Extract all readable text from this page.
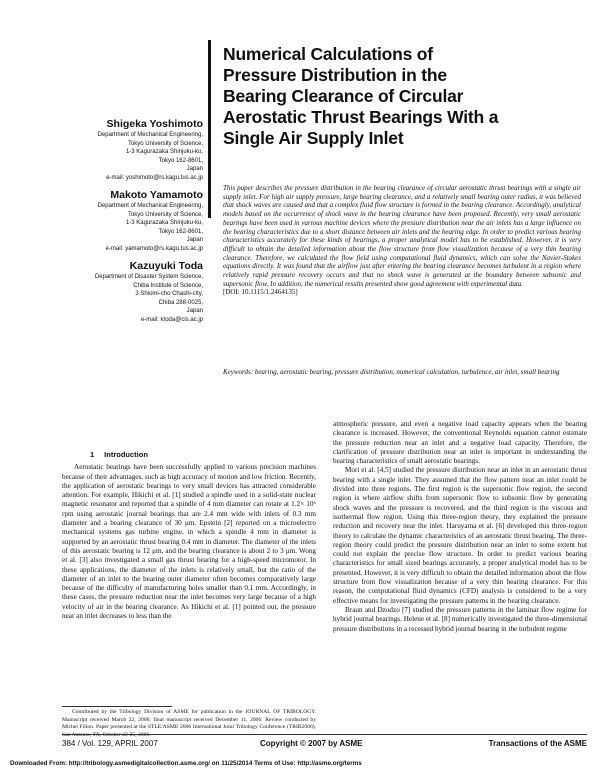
Numerical Calculations of
Pressure Distribution in the
Bearing Clearance of Circular
Aerostatic Thrust Bearings With a
Single Air Supply Inlet
Shigeka Yoshimoto
Department of Mechanical Engineering,
Tokyo University of Science,
1-3 Kagurazaka Shinjuku-ku,
Tokyo 162-8601,
Japan
e-mail: yoshimoto@rs.kagu.tus.ac.jp
Makoto Yamamoto
Department of Mechanical Engineering,
Tokyo University of Science,
1-3 Kagurazaka Shinjuku-ku,
Tokyo 162-8601,
Japan
e-mail: yamamoto@rs.kagu.tus.ac.jp
Kazuyuki Toda
Department of Disaster System Science,
Chiba Institute of Science,
3 Shiomi-cho Chashi-city,
Chiba 288-0025,
Japan
e-mail: ktoda@cis.ac.jp
This paper describes the pressure distribution in the bearing clearance of circular aerostatic thrust bearings with a single air supply inlet. For high air supply pressure, large bearing clearance, and a relatively small bearing outer radius, it was believed that shock waves are caused and that a complex fluid flow structure is formed in the bearing clearance. Accordingly, analytical models based on the occurrence of shock wave in the bearing clearance have been proposed. Recently, very small aerostatic bearings have been used in various machine devices where the pressure distribution near the air inlets has a large influence on the bearing characteristics due to a short distance between air inlets and the bearing edge. In order to predict various bearing characteristics accurately for these kinds of bearings, a proper analytical model has to be established. However, it is very difficult to obtain the detailed information about the flow structure from flow visualization because of a very thin bearing clearance. Therefore, we calculated the flow field using computational fluid dynamics, which can solve the Navier-Stokes equations directly. It was found that the airflow just after entering the bearing clearance becomes turbulent in a region where relatively rapid pressure recovery occurs and that no shock wave is generated at the boundary between subsonic and supersonic flow. In addition, the numerical results presented show good agreement with experimental data.
[DOI: 10.1115/1.2464135]
Keywords: bearing, aerostatic bearing, pressure distribution, numerical calculation, turbulence, air inlet, small bearing
1 Introduction

Aerostatic bearings have been successfully applied to various precision machines because of their advantages, such as high accuracy of motion and low friction. Recently, the application of aerostatic bearings to very small devices has attracted considerable attention. For example, Hikichi et al. [1] studied a spindle used in a solid-state nuclear magnetic resonator and reported that a spindle of 4 mm diameter can rotate at 1.2× 10⁶ rpm using aerostatic journal bearings that are 2.4 mm wide with inlets of 0.3 mm diameter and a bearing clearance of 30 μm. Epstein [2] reported on a microelectro mechanical systems gas turbine engine, in which a spindle 4 mm in diameter is supported by an aerostatic thrust bearing 0.4 mm in diameter. The diameter of the inlets of this aerostatic bearing is 12 μm, and the bearing clearance is about 2 to 3 μm. Wong et al. [3] also investigated a small gas thrust bearing for a high-speed micromotor. In these applications, the diameter of the inlets is relatively small, but the ratio of the diameter of an inlet to the bearing outer diameter often becomes comparatively large because of the difficulty of manufacturing holes smaller than 0.1 mm. Accordingly, in these cases, the pressure reduction near the inlet becomes very large because of a high velocity of air in the bearing clearance. As Hikichi et al. [1] pointed out, the pressure near an inlet decreases to less than the

atmospheric pressure, and even a negative load capacity appears when the bearing clearance is increased. However, the conventional Reynolds equation cannot estimate the pressure reduction near an inlet and a negative load capacity. Therefore, the clarification of pressure distribution near an inlet is important in understanding the bearing characteristics of small aerostatic bearings.

Mori et al. [4,5] studied the pressure distribution near an inlet in an aerostatic thrust bearing with a single inlet. They assumed that the flow pattern near an inlet could be divided into three regions. The first region is the supersonic flow region, the second region is where airflow shifts from supersonic flow to subsonic flow by generating shock waves and the pressure is recovered, and the third region is the viscous and isothermal flow region. Using this three-region theory, they explained the pressure reduction and recovery near the inlet. Haruyama et al. [6] developed this three-region theory to calculate the dynamic characteristics of an aerostatic thrust bearing. The three-region theory could predict the pressure distribution near an inlet to some extent but could not explain the precise flow structure. In order to predict various bearing characteristics for small sized bearings accurately, a proper analytical model has to be presented. However, it is very difficult to obtain the detailed information about the flow structure from flow visualization because of a very thin bearing clearance. For this reason, the computational fluid dynamics (CFD) analysis is considered to be a very effective means for investigating the pressure patterns in the bearing clearance.

Braun and Dzodzo [7] studied the pressure patterns in the laminar flow regime for hybrid journal bearings. Helene et al. [8] numerically investigated the three-dimensional pressure distributions in a recessed hybrid journal bearing in the turbulent regime

Contributed by the Tribology Division of ASME for publication in the JOURNAL OF TRIBOLOGY. Manuscript received March 22, 2006; final manuscript received December 11, 2006. Review conducted by Michel Fillon. Paper presented at the STLE/ASME 2006 International Joint Tribology Conference (TRIB2006), San Antonio, TX, October 22-25, 2006.

384 / Vol. 129, APRIL 2007	Copyright © 2007 by ASME	Transactions of the ASME
Downloaded From: http://tribology.asmedigitalcollection.asme.org/ on 11/25/2014 Terms of Use: http://asme.org/terms
